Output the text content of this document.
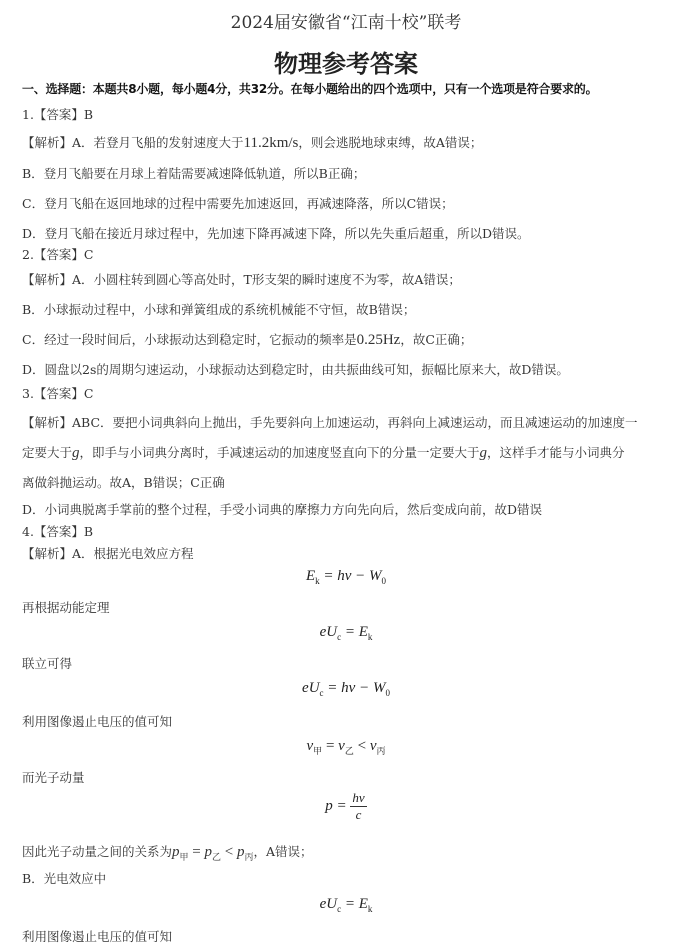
2024届安徽省“江南十校”联考
物理参考答案
一、选择题：本题共8小题，每小题4分，共32分。在每小题给出的四个选项中，只有一个选项是符合要求的。
1.【答案】B
【解析】A．若登月飞船的发射速度大于11.2km/s，则会逃脱地球束缚，故A错误；
B．登月飞船要在月球上着陆需要减速降低轨道，所以B正确；
C．登月飞船在返回地球的过程中需要先加速返回，再减速降落，所以C错误；
D．登月飞船在接近月球过程中，先加速下降再减速下降，所以先失重后超重，所以D错误。
2.【答案】C
【解析】A．小圆柱转到圆心等高处时，T形支架的瞬时速度不为零，故A错误；
B．小球振动过程中，小球和弹簧组成的系统机械能不守恒，故B错误；
C．经过一段时间后，小球振动达到稳定时，它振动的频率是0.25Hz，故C正确；
D．圆盘以2s的周期匀速运动，小球振动达到稳定时，由共振曲线可知，振幅比原来大，故D错误。
3.【答案】C
【解析】ABC．要把小词典斜向上抛出，手先要斜向上加速运动，再斜向上减速运动，而且减速运动的加速度一
定要大于g，即手与小词典分离时，手减速运动的加速度竖直向下的分量一定要大于g，这样手才能与小词典分
离做斜抛运动。故A，B错误；C正确
D．小词典脱离手掌前的整个过程，手受小词典的摩擦力方向先向后，然后变成向前，故D错误
4.【答案】B
【解析】A．根据光电效应方程
$E_k = h\nu - W_0$
再根据动能定理
$eU_c = E_k$
联立可得
$eU_c = h\nu - W_0$
利用图像遏止电压的值可知
$\nu_甲 = \nu_乙 < \nu_丙$
而光子动量
$p = \frac{h\nu}{c}$
因此光子动量之间的关系为$p_甲 = p_乙 < p_丙$，A错误；
B．光电效应中
$eU_c = E_k$
利用图像遏止电压的值可知
